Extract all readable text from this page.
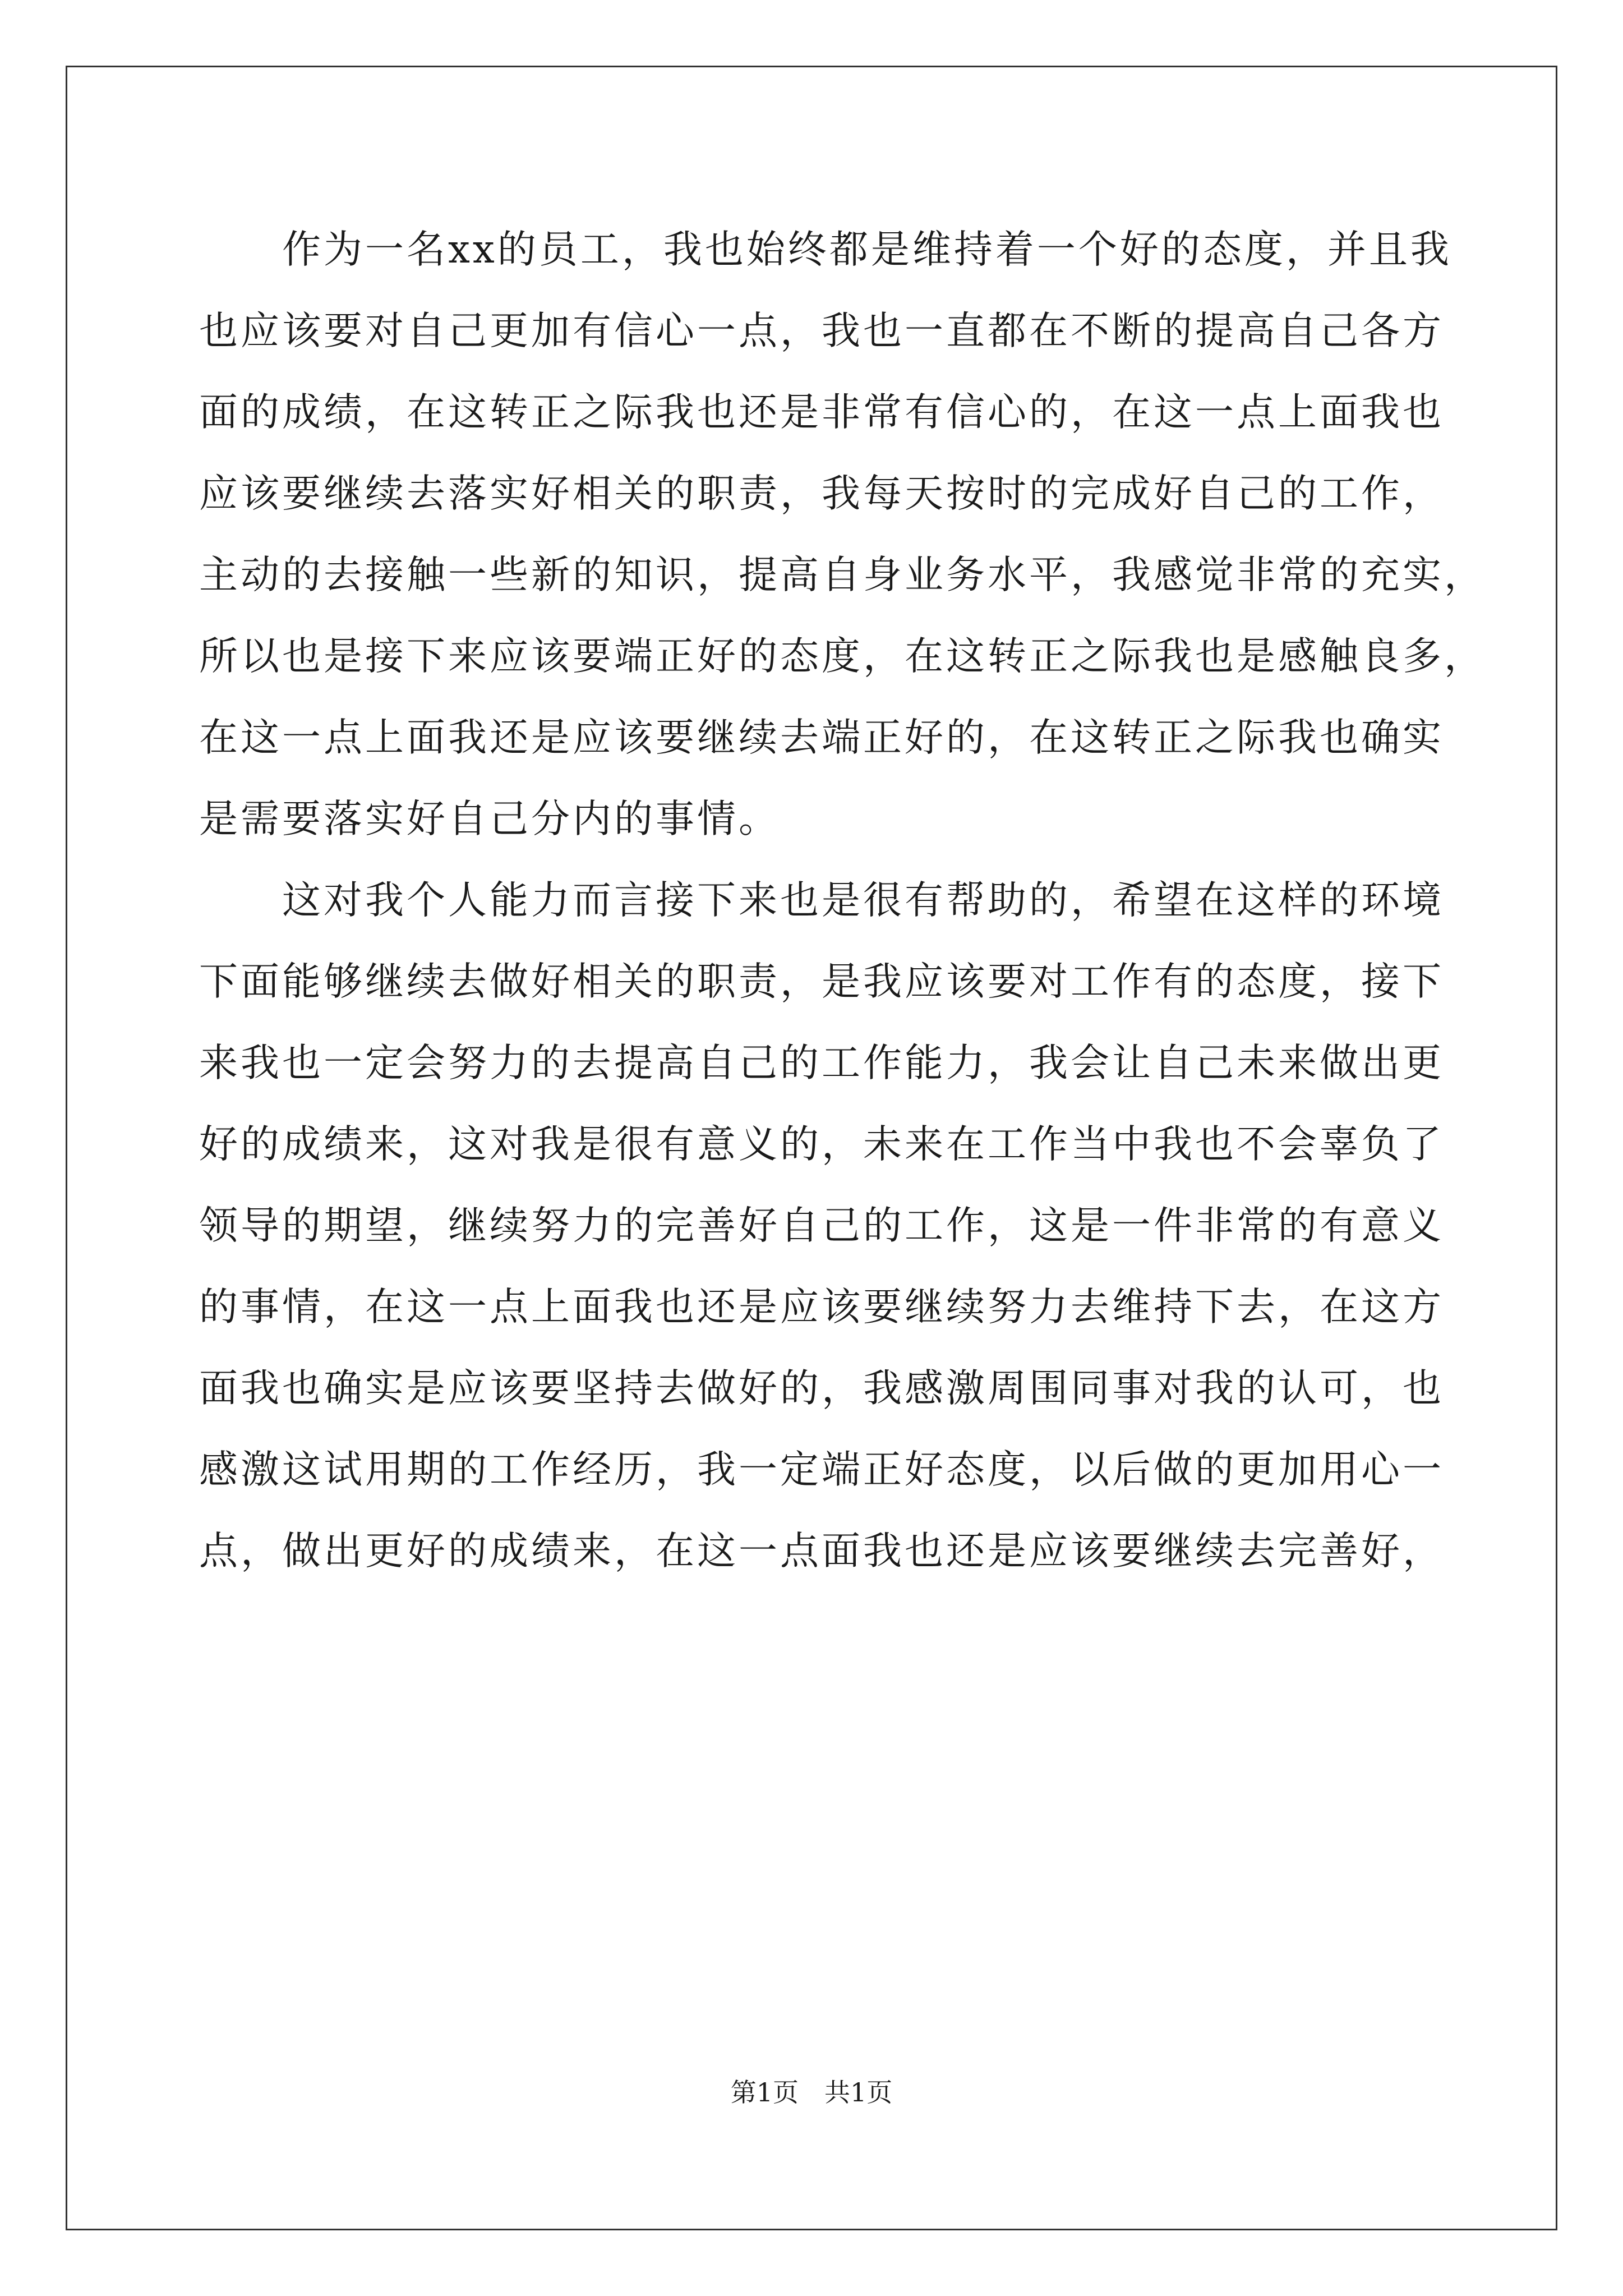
　　作为一名xx的员工，我也始终都是维持着一个好的态度，并且我
也应该要对自己更加有信心一点，我也一直都在不断的提高自己各方
面的成绩，在这转正之际我也还是非常有信心的，在这一点上面我也
应该要继续去落实好相关的职责，我每天按时的完成好自己的工作，
主动的去接触一些新的知识，提高自身业务水平，我感觉非常的充实，
所以也是接下来应该要端正好的态度，在这转正之际我也是感触良多，
在这一点上面我还是应该要继续去端正好的，在这转正之际我也确实
是需要落实好自己分内的事情。
　　这对我个人能力而言接下来也是很有帮助的，希望在这样的环境
下面能够继续去做好相关的职责，是我应该要对工作有的态度，接下
来我也一定会努力的去提高自己的工作能力，我会让自己未来做出更
好的成绩来，这对我是很有意义的，未来在工作当中我也不会辜负了
领导的期望，继续努力的完善好自己的工作，这是一件非常的有意义
的事情，在这一点上面我也还是应该要继续努力去维持下去，在这方
面我也确实是应该要坚持去做好的，我感激周围同事对我的认可，也
感激这试用期的工作经历，我一定端正好态度，以后做的更加用心一
点，做出更好的成绩来，在这一点面我也还是应该要继续去完善好，
第1页　共1页
